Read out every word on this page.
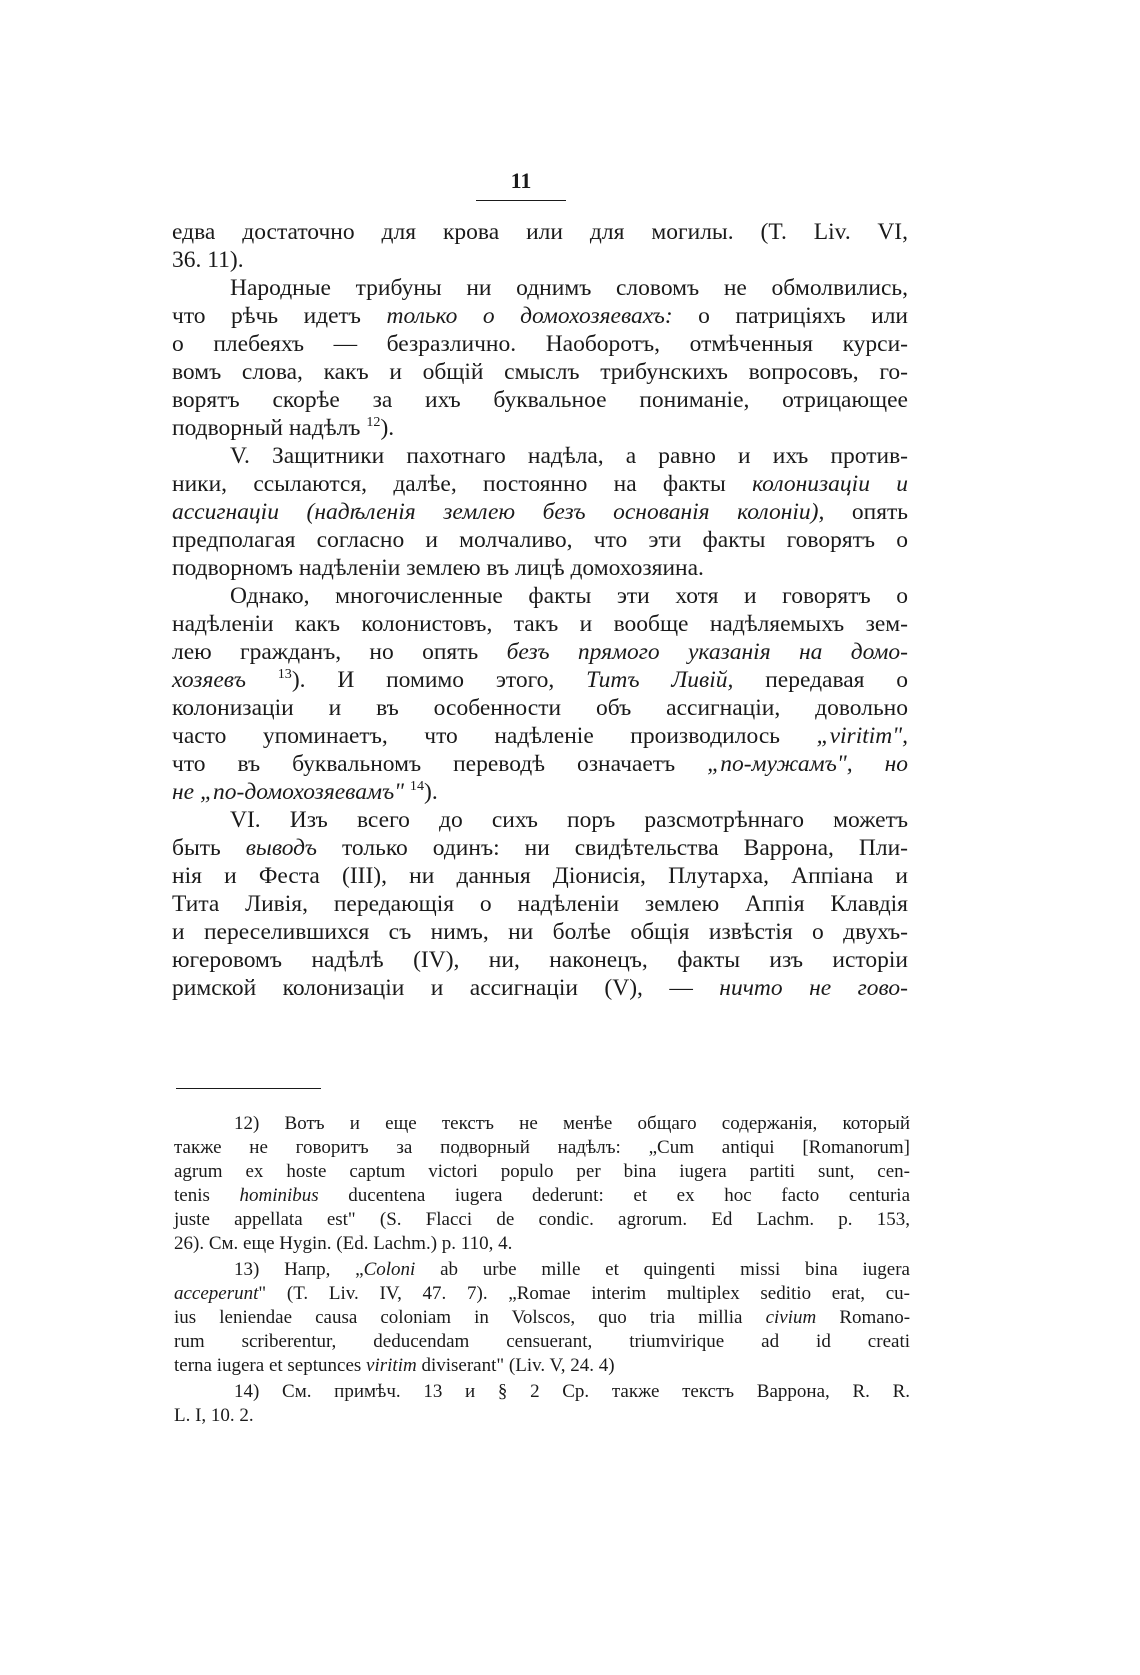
11
едва достаточно для крова или для могилы. (T. Liv. VI,
36. 11).
Народные трибуны ни однимъ словомъ не обмолвились,
что рѣчь идетъ только о домохозяевахъ: о патриціяхъ или
о плебеяхъ — безразлично. Наоборотъ, отмѣченныя курси-
вомъ слова, какъ и общій смыслъ трибунскихъ вопросовъ, го-
ворятъ скорѣе за ихъ буквальное пониманіе, отрицающее
подворный надѣлъ $^{12}$).
V. Защитники пахотнаго надѣла, а равно и ихъ против-
ники, ссылаются, далѣе, постоянно на факты колонизаціи и
ассигнаціи (надѣленія землею безъ основанія колоніи), опять
предполагая согласно и молчаливо, что эти факты говорятъ о
подворномъ надѣленіи землею въ лицѣ домохозяина.
Однако, многочисленные факты эти хотя и говорятъ о
надѣленіи какъ колонистовъ, такъ и вообще надѣляемыхъ зем-
лею гражданъ, но опять безъ прямого указанія на домо-
хозяевъ $^{13}$). И помимо этого, Титъ Ливій, передавая о
колонизаціи и въ особенности объ ассигнаціи, довольно
часто упоминаетъ, что надѣленіе производилось „viritim",
что въ буквальномъ переводѣ означаетъ „по-мужамъ", но
не „по-домохозяевамъ" $^{14}$).
VI. Изъ всего до сихъ поръ разсмотрѣннаго можетъ
быть выводъ только одинъ: ни свидѣтельства Варрона, Пли-
нія и Феста (III), ни данныя Діонисія, Плутарха, Аппіана и
Тита Ливія, передающія о надѣленіи землею Аппія Клавдія
и переселившихся съ нимъ, ни болѣе общія извѣстія о двухъ-
югеровомъ надѣлѣ (IV), ни, наконецъ, факты изъ исторіи
римской колонизаціи и ассигнаціи (V), — ничто не гово-
12) Вотъ и еще текстъ не менѣе общаго содержанія, который
также не говоритъ за подворный надѣлъ: „Cum antiqui [Romanorum]
agrum ex hoste captum victori populo per bina iugera partiti sunt, cen-
tenis hominibus ducentena iugera dederunt: et ex hoc facto centuria
juste appellata est" (S. Flacci de condic. agrorum. Ed Lachm. p. 153,
26). См. еще Hygin. (Ed. Lachm.) p. 110, 4.
13) Напр, „Coloni ab urbe mille et quingenti missi bina iugera
acceperunt" (T. Liv. IV, 47. 7). „Romae interim multiplex seditio erat, cu-
ius leniendae causa coloniam in Volscos, quo tria millia civium Romano-
rum scriberentur, deducendam censuerant, triumvirique ad id creati
terna iugera et septunces viritim diviserant" (Liv. V, 24. 4)
14) См. примѣч. 13 и § 2 Ср. также текстъ Варрона, R. R.
L. I, 10. 2.
